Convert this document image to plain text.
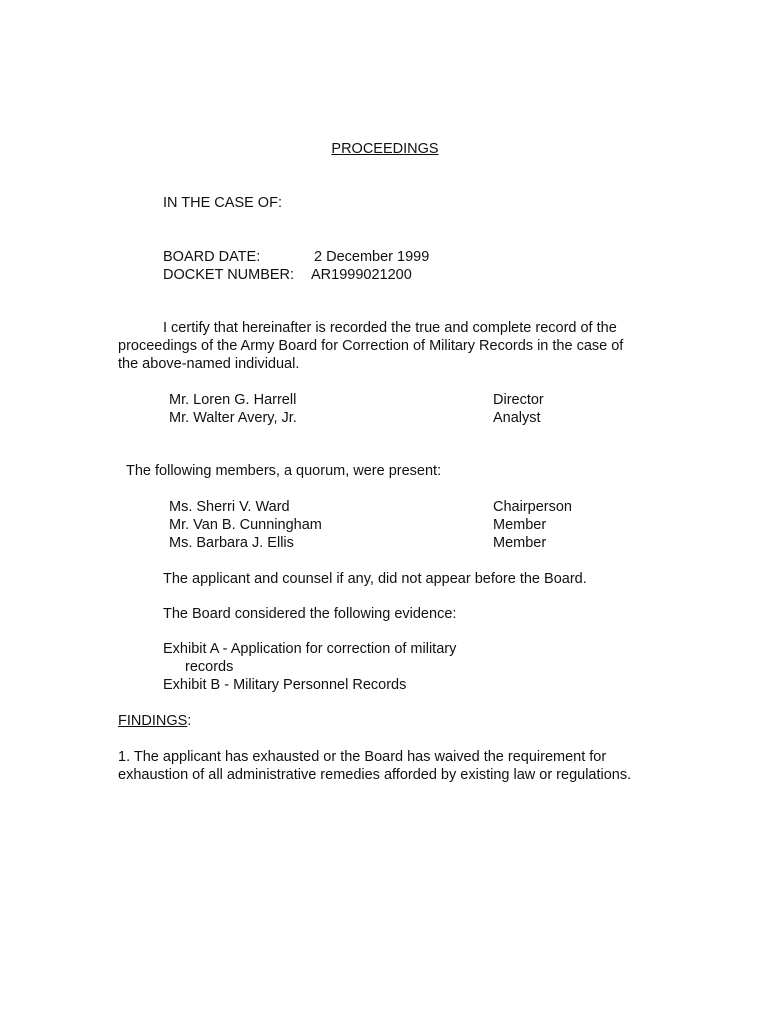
PROCEEDINGS
IN THE CASE OF:
BOARD DATE:	2 December 1999
DOCKET NUMBER: AR1999021200
I certify that hereinafter is recorded the true and complete record of the
proceedings of the Army Board for Correction of Military Records in the case of
the above-named individual.
Mr. Loren G. Harrell	Director
Mr. Walter Avery, Jr.	Analyst
The following members, a quorum, were present:
Ms. Sherri V. Ward	Chairperson
Mr. Van B. Cunningham	Member
Ms. Barbara J. Ellis	Member
The applicant and counsel if any, did not appear before the Board.
The Board considered the following evidence:
Exhibit A - Application for correction of military
records
Exhibit B - Military Personnel Records
FINDINGS:
1. The applicant has exhausted or the Board has waived the requirement for
exhaustion of all administrative remedies afforded by existing law or regulations.
